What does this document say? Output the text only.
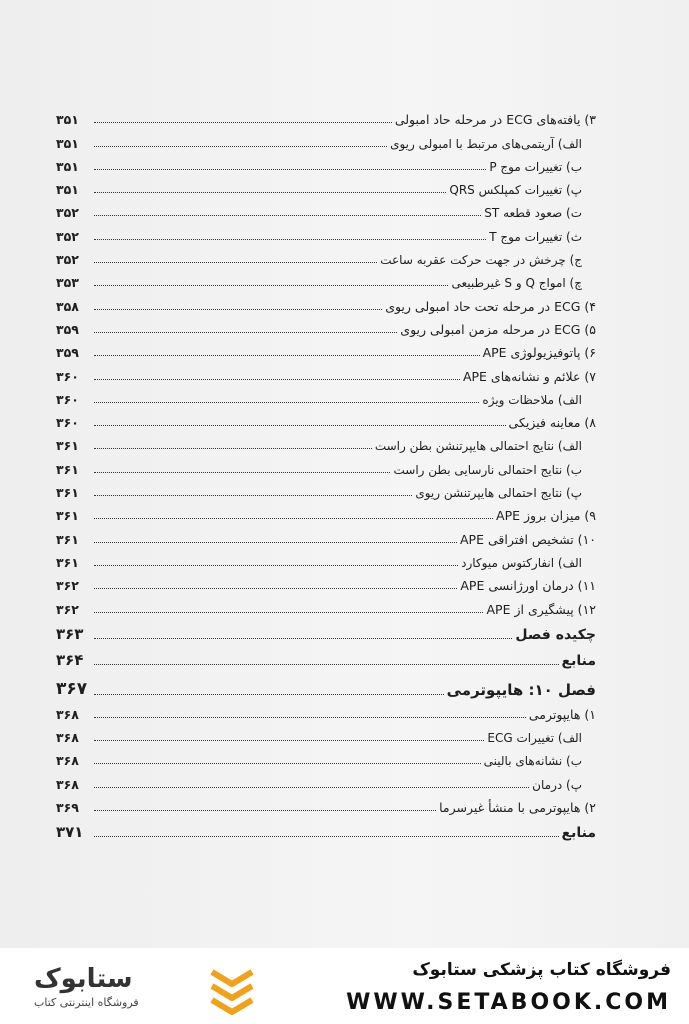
۳) یافته‌های ECG در مرحله حاد امبولی
۳۵۱
الف) آریتمی‌های مرتبط با امبولی ریوی
۳۵۱
ب) تغییرات موج P
۳۵۱
پ) تغییرات کمپلکس QRS
۳۵۱
ت) صعود قطعه ST
۳۵۲
ث) تغییرات موج T
۳۵۲
ج) چرخش در جهت حرکت عقربه ساعت
۳۵۲
چ) امواج Q و S غیرطبیعی
۳۵۳
۴) ECG در مرحله تحت حاد امبولی ریوی
۳۵۸
۵) ECG در مرحله مزمن امبولی ریوی
۳۵۹
۶) پاتوفیزیولوژی APE
۳۵۹
۷) علائم و نشانه‌های APE
۳۶۰
الف) ملاحظات ویژه
۳۶۰
۸) معاینه فیزیکی
۳۶۰
الف) نتایج احتمالی هایپرتنشن بطن راست
۳۶۱
ب) نتایج احتمالی نارسایی بطن راست
۳۶۱
پ) نتایج احتمالی هایپرتنشن ریوی
۳۶۱
۹) میزان بروز APE
۳۶۱
۱۰) تشخیص افتراقی APE
۳۶۱
الف) انفارکتوس میوکارد
۳۶۱
۱۱) درمان اورژانسی APE
۳۶۲
۱۲) پیشگیری از APE
۳۶۲
چکیده فصل
۳۶۳
منابع
۳۶۴
فصل ۱۰: هایپوترمی
۳۶۷
۱) هایپوترمی
۳۶۸
الف) تغییرات ECG
۳۶۸
ب) نشانه‌های بالینی
۳۶۸
پ) درمان
۳۶۸
۲) هایپوترمی با منشأ غیرسرما
۳۶۹
منابع
۳۷۱
ستابوک
فروشگاه اینترنتی کتاب
فروشگاه کتاب پزشکی ستابوک
WWW.SETABOOK.COM
